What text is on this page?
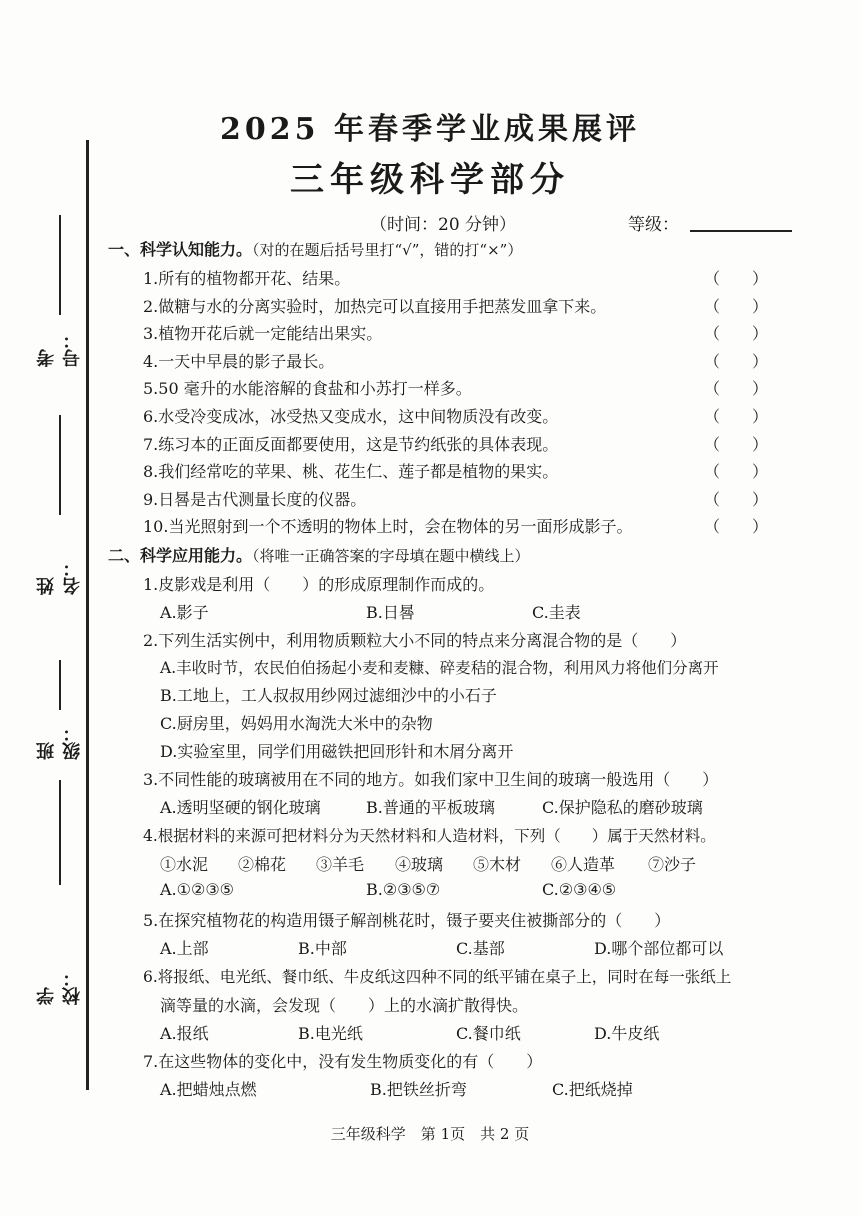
考号：
姓名：
班级：
学校：
2025 年春季学业成果展评
三年级科学部分
（时间：20 分钟）	等级：
一、科学认知能力。（对的在题后括号里打“√”，错的打“×”）
1.所有的植物都开花、结果。	（ ）
2.做糖与水的分离实验时，加热完可以直接用手把蒸发皿拿下来。	（ ）
3.植物开花后就一定能结出果实。	（ ）
4.一天中早晨的影子最长。	（ ）
5.50 毫升的水能溶解的食盐和小苏打一样多。	（ ）
6.水受冷变成冰，冰受热又变成水，这中间物质没有改变。	（ ）
7.练习本的正面反面都要使用，这是节约纸张的具体表现。	（ ）
8.我们经常吃的苹果、桃、花生仁、莲子都是植物的果实。	（ ）
9.日晷是古代测量长度的仪器。	（ ）
10.当光照射到一个不透明的物体上时，会在物体的另一面形成影子。	（ ）
二、科学应用能力。（将唯一正确答案的字母填在题中横线上）
1.皮影戏是利用（　　）的形成原理制作而成的。
A.影子	B.日晷	C.圭表
2.下列生活实例中，利用物质颗粒大小不同的特点来分离混合物的是（　　）
A.丰收时节，农民伯伯扬起小麦和麦糠、碎麦秸的混合物，利用风力将他们分离开
B.工地上，工人叔叔用纱网过滤细沙中的小石子
C.厨房里，妈妈用水淘洗大米中的杂物
D.实验室里，同学们用磁铁把回形针和木屑分离开
3.不同性能的玻璃被用在不同的地方。如我们家中卫生间的玻璃一般选用（　　）
A.透明坚硬的钢化玻璃	B.普通的平板玻璃	C.保护隐私的磨砂玻璃
4.根据材料的来源可把材料分为天然材料和人造材料，下列（　　）属于天然材料。
①水泥 ②棉花 ③羊毛 ④玻璃 ⑤木材 ⑥人造革 ⑦沙子
A.①②③⑤	B.②③⑤⑦	C.②③④⑤
5.在探究植物花的构造用镊子解剖桃花时，镊子要夹住被撕部分的（　　）
A.上部	B.中部	C.基部	D.哪个部位都可以
6.将报纸、电光纸、餐巾纸、牛皮纸这四种不同的纸平铺在桌子上，同时在每一张纸上
滴等量的水滴，会发现（　　）上的水滴扩散得快。
A.报纸	B.电光纸	C.餐巾纸	D.牛皮纸
7.在这些物体的变化中，没有发生物质变化的有（　　）
A.把蜡烛点燃	B.把铁丝折弯	C.把纸烧掉
三年级科学　第 1页　共 2 页
